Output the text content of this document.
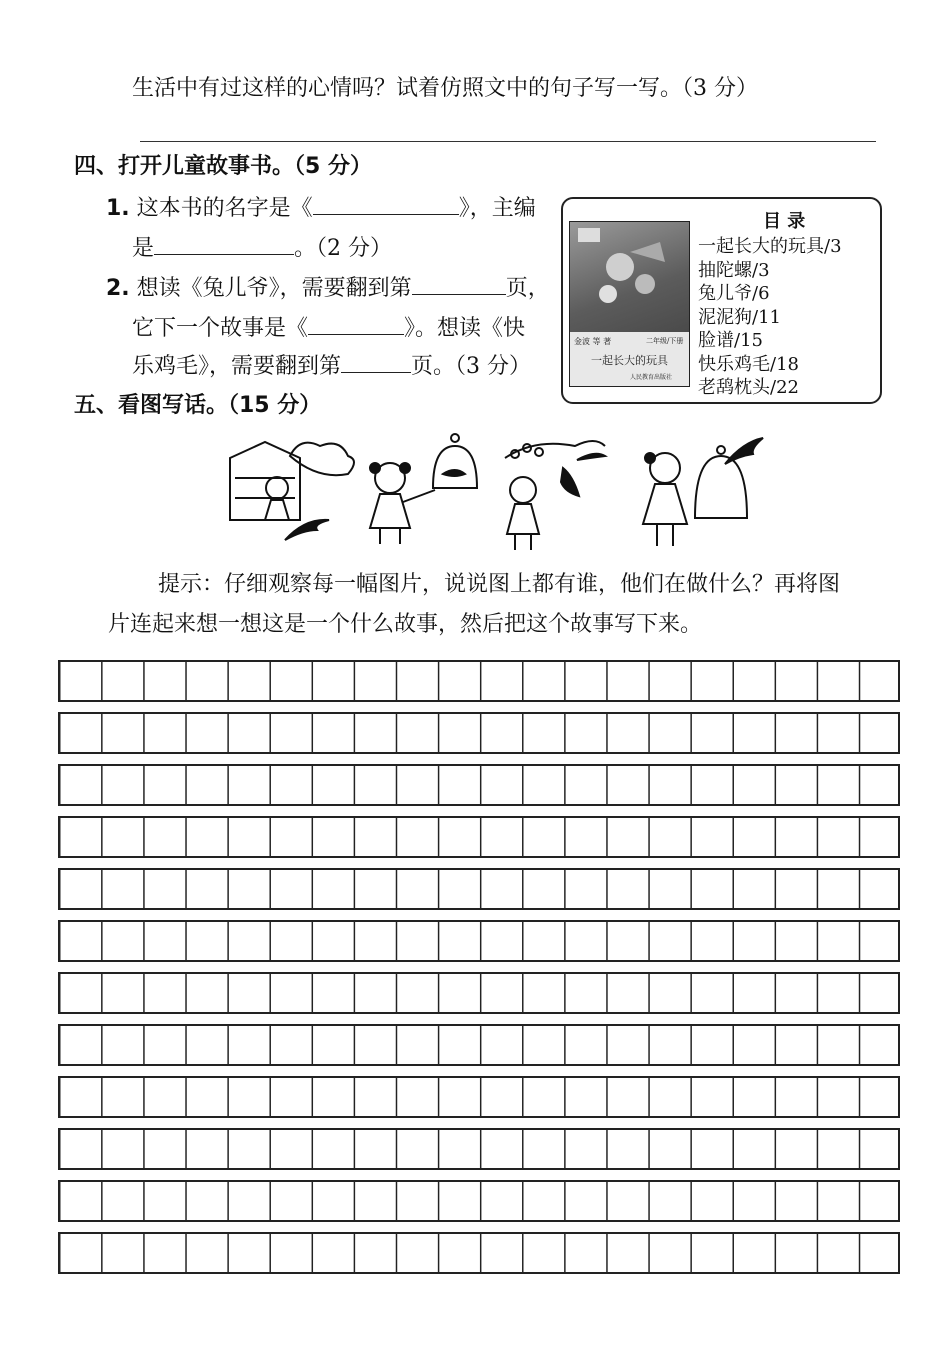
生活中有过这样的心情吗？试着仿照文中的句子写一写。（3 分）
四、打开儿童故事书。（5 分）
1. 这本书的名字是《	》，主编
是	。（2 分）
2. 想读《兔儿爷》，需要翻到第	页，
它下一个故事是《	》。想读《快
乐鸡毛》，需要翻到第	页。（3 分）
金波 等 著	二年级/下册
一起长大的玩具
人民教育出版社
目 录
一起长大的玩具/3
抽陀螺/3
兔儿爷/6
泥泥狗/11
脸谱/15
快乐鸡毛/18
老鸹枕头/22
五、看图写话。（15 分）
提示：仔细观察每一幅图片，说说图上都有谁，他们在做什么？再将图
片连起来想一想这是一个什么故事，然后把这个故事写下来。
